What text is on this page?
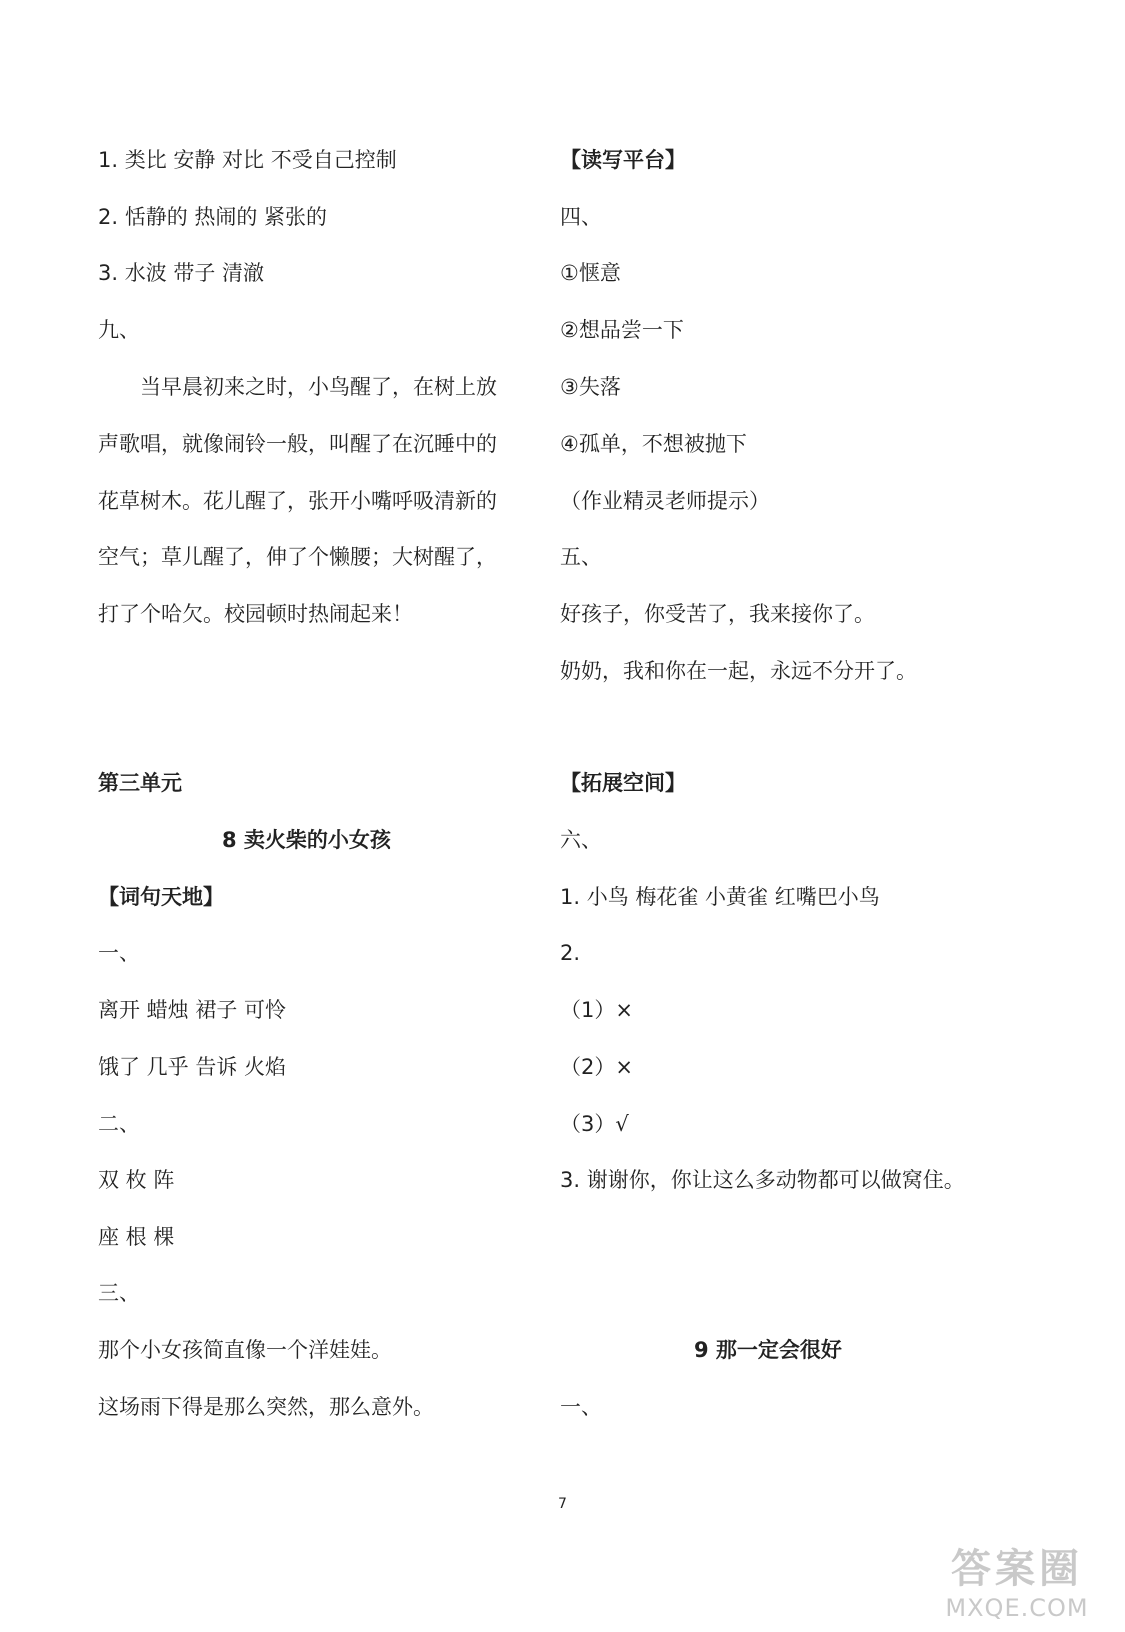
1. 类比 安静 对比 不受自己控制
2. 恬静的 热闹的 紧张的
3. 水波 带子 清澈
九、
当早晨初来之时，小鸟醒了，在树上放
声歌唱，就像闹铃一般，叫醒了在沉睡中的
花草树木。花儿醒了，张开小嘴呼吸清新的
空气；草儿醒了，伸了个懒腰；大树醒了，
打了个哈欠。校园顿时热闹起来！
第三单元
8 卖火柴的小女孩
【词句天地】
一、
离开 蜡烛 裙子 可怜
饿了 几乎 告诉 火焰
二、
双 枚 阵
座 根 棵
三、
那个小女孩简直像一个洋娃娃。
这场雨下得是那么突然，那么意外。
【读写平台】
四、
①惬意
②想品尝一下
③失落
④孤单，不想被抛下
（作业精灵老师提示）
五、
好孩子，你受苦了，我来接你了。
奶奶，我和你在一起，永远不分开了。
【拓展空间】
六、
1. 小鸟 梅花雀 小黄雀 红嘴巴小鸟
2.
（1）×
（2）×
（3）√
3. 谢谢你，你让这么多动物都可以做窝住。
9 那一定会很好
一、
7
答案圈
MXQE.COM
